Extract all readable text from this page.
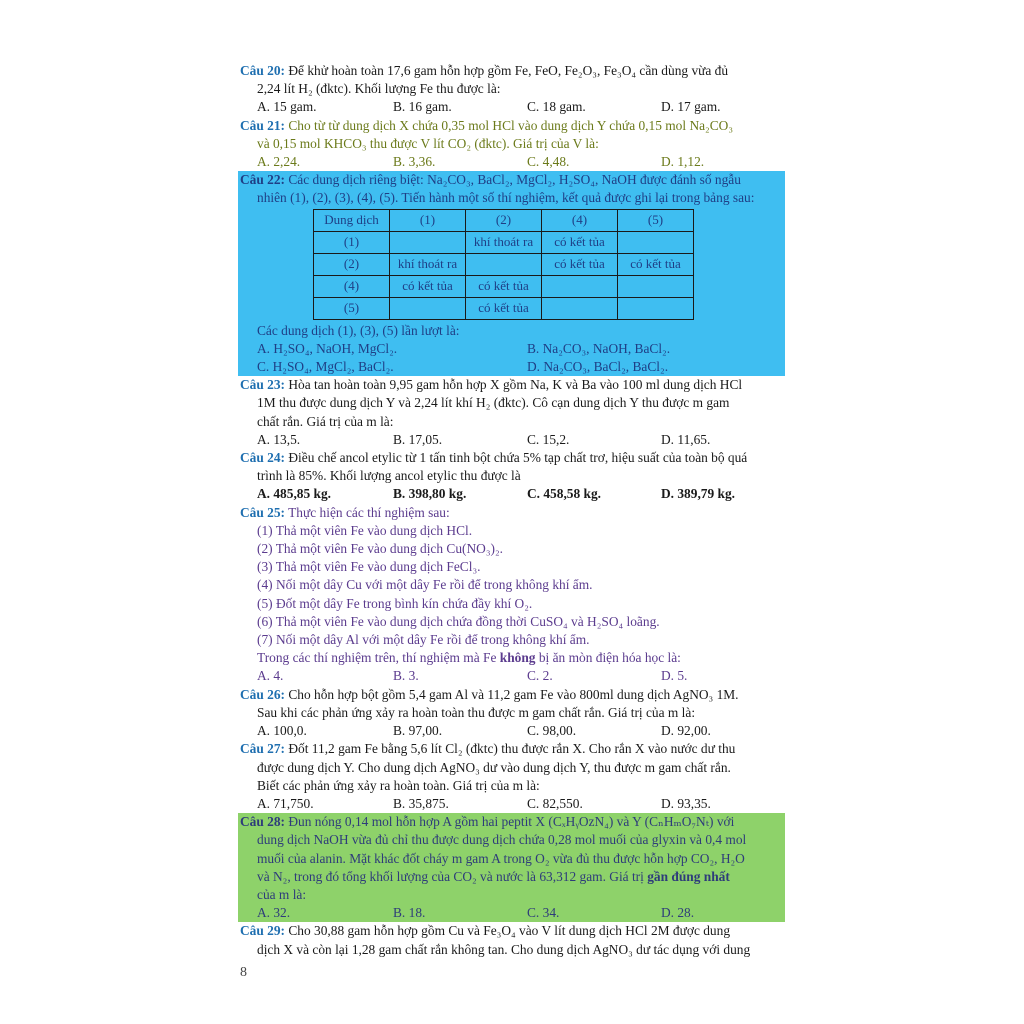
Câu 20: Để khử hoàn toàn 17,6 gam hỗn hợp gồm Fe, FeO, Fe₂O₃, Fe₃O₄ cần dùng vừa đủ

2,24 lít H₂ (đktc). Khối lượng Fe thu được là:

A. 15 gam.	B. 16 gam.	C. 18 gam.	D. 17 gam.

Câu 21: Cho từ từ dung dịch X chứa 0,35 mol HCl vào dung dịch Y chứa 0,15 mol Na₂CO₃

và 0,15 mol KHCO₃ thu được V lít CO₂ (đktc). Giá trị của V là:

A. 2,24.	B. 3,36.	C. 4,48.	D. 1,12.

Câu 22: Các dung dịch riêng biệt: Na₂CO₃, BaCl₂, MgCl₂, H₂SO₄, NaOH được đánh số ngẫu

nhiên (1), (2), (3), (4), (5). Tiến hành một số thí nghiệm, kết quả được ghi lại trong bảng sau:

Dung dịch	(1)	(2)	(4)	(5)
(1)		khí thoát ra	có kết tủa	
(2)	khí thoát ra		có kết tủa	có kết tủa
(4)	có kết tủa	có kết tủa		
(5)		có kết tủa		

Các dung dịch (1), (3), (5) lần lượt là:

A. H₂SO₄, NaOH, MgCl₂.	B. Na₂CO₃, NaOH, BaCl₂.
C. H₂SO₄, MgCl₂, BaCl₂.	D. Na₂CO₃, BaCl₂, BaCl₂.

Câu 23: Hòa tan hoàn toàn 9,95 gam hỗn hợp X gồm Na, K và Ba vào 100 ml dung dịch HCl

1M thu được dung dịch Y và 2,24 lít khí H₂ (đktc). Cô cạn dung dịch Y thu được m gam

chất rắn. Giá trị của m là:

A. 13,5.	B. 17,05.	C. 15,2.	D. 11,65.

Câu 24: Điều chế ancol etylic từ 1 tấn tinh bột chứa 5% tạp chất trơ, hiệu suất của toàn bộ quá

trình là 85%. Khối lượng ancol etylic thu được là

A. 485,85 kg.	B. 398,80 kg.	C. 458,58 kg.	D. 389,79 kg.

Câu 25: Thực hiện các thí nghiệm sau:

(1) Thả một viên Fe vào dung dịch HCl.

(2) Thả một viên Fe vào dung dịch Cu(NO₃)₂.

(3) Thả một viên Fe vào dung dịch FeCl₃.

(4) Nối một dây Cu với một dây Fe rồi để trong không khí ẩm.

(5) Đốt một dây Fe trong bình kín chứa đầy khí O₂.

(6) Thả một viên Fe vào dung dịch chứa đồng thời CuSO₄ và H₂SO₄ loãng.

(7) Nối một dây Al với một dây Fe rồi để trong không khí ẩm.

Trong các thí nghiệm trên, thí nghiệm mà Fe không bị ăn mòn điện hóa học là:

A. 4.	B. 3.	C. 2.	D. 5.

Câu 26: Cho hỗn hợp bột gồm 5,4 gam Al và 11,2 gam Fe vào 800ml dung dịch AgNO₃ 1M.

Sau khi các phản ứng xảy ra hoàn toàn thu được m gam chất rắn. Giá trị của m là:

A. 100,0.	B. 97,00.	C. 98,00.	D. 92,00.

Câu 27: Đốt 11,2 gam Fe bằng 5,6 lít Cl₂ (đktc) thu được rắn X. Cho rắn X vào nước dư thu

được dung dịch Y. Cho dung dịch AgNO₃ dư vào dung dịch Y, thu được m gam chất rắn.

Biết các phản ứng xảy ra hoàn toàn. Giá trị của m là:

A. 71,750.	B. 35,875.	C. 82,550.	D. 93,35.

Câu 28: Đun nóng 0,14 mol hỗn hợp A gồm hai peptit X (CₓHᵧOzN₄) và Y (CₙHₘO₇Nₜ) với

dung dịch NaOH vừa đủ chỉ thu được dung dịch chứa 0,28 mol muối của glyxin và 0,4 mol

muối của alanin. Mặt khác đốt cháy m gam A trong O₂ vừa đủ thu được hỗn hợp CO₂, H₂O

và N₂, trong đó tổng khối lượng của CO₂ và nước là 63,312 gam. Giá trị gần đúng nhất

của m là:

A. 32.	B. 18.	C. 34.	D. 28.

Câu 29: Cho 30,88 gam hỗn hợp gồm Cu và Fe₃O₄ vào V lít dung dịch HCl 2M được dung

dịch X và còn lại 1,28 gam chất rắn không tan. Cho dung dịch AgNO₃ dư tác dụng với dung

8
